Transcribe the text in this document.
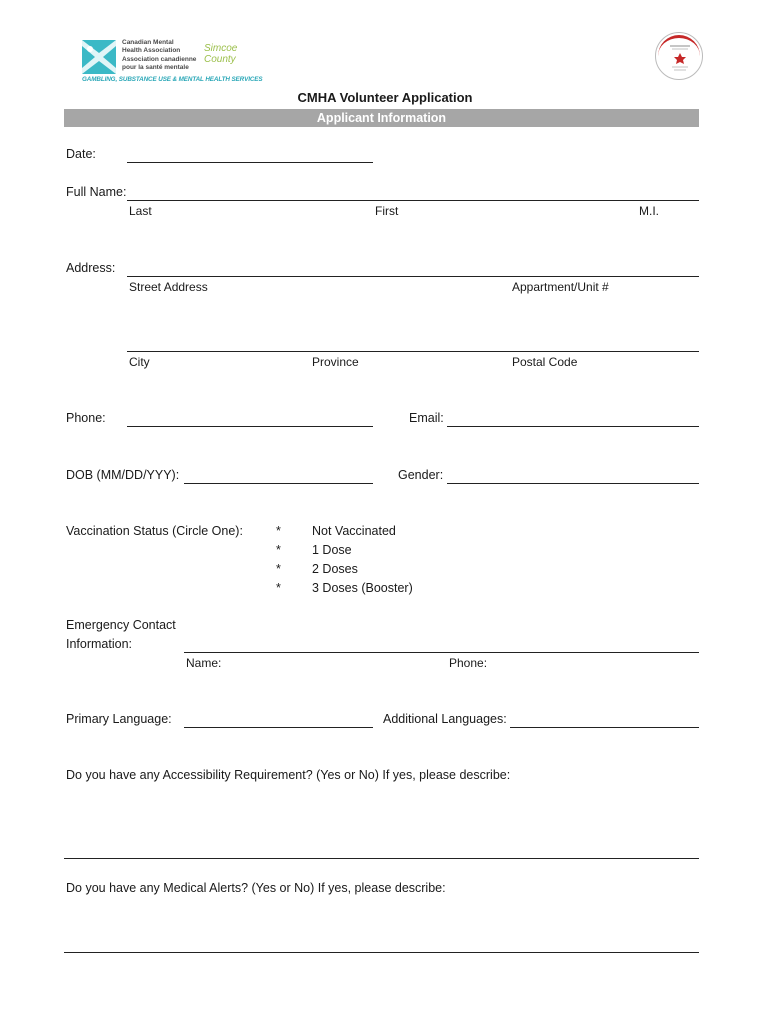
Canadian Mental
Health Association
Association canadienne
pour la santé mentale
Simcoe
County
GAMBLING, SUBSTANCE USE & MENTAL HEALTH SERVICES
CMHA Volunteer Application
Applicant Information
Date:
Full Name:
Last	First	M.I.
Address:
Street Address	Appartment/Unit #
City	Province	Postal Code
Phone:	Email:
DOB (MM/DD/YYY):	Gender:
Vaccination Status (Circle One):	* Not Vaccinated
* 1 Dose
* 2 Doses
* 3 Doses (Booster)
Emergency Contact
Information:
Name:	Phone:
Primary Language:	Additional Languages:
Do you have any Accessibility Requirement? (Yes or No) If yes, please describe:
Do you have any Medical Alerts? (Yes or No) If yes, please describe:
